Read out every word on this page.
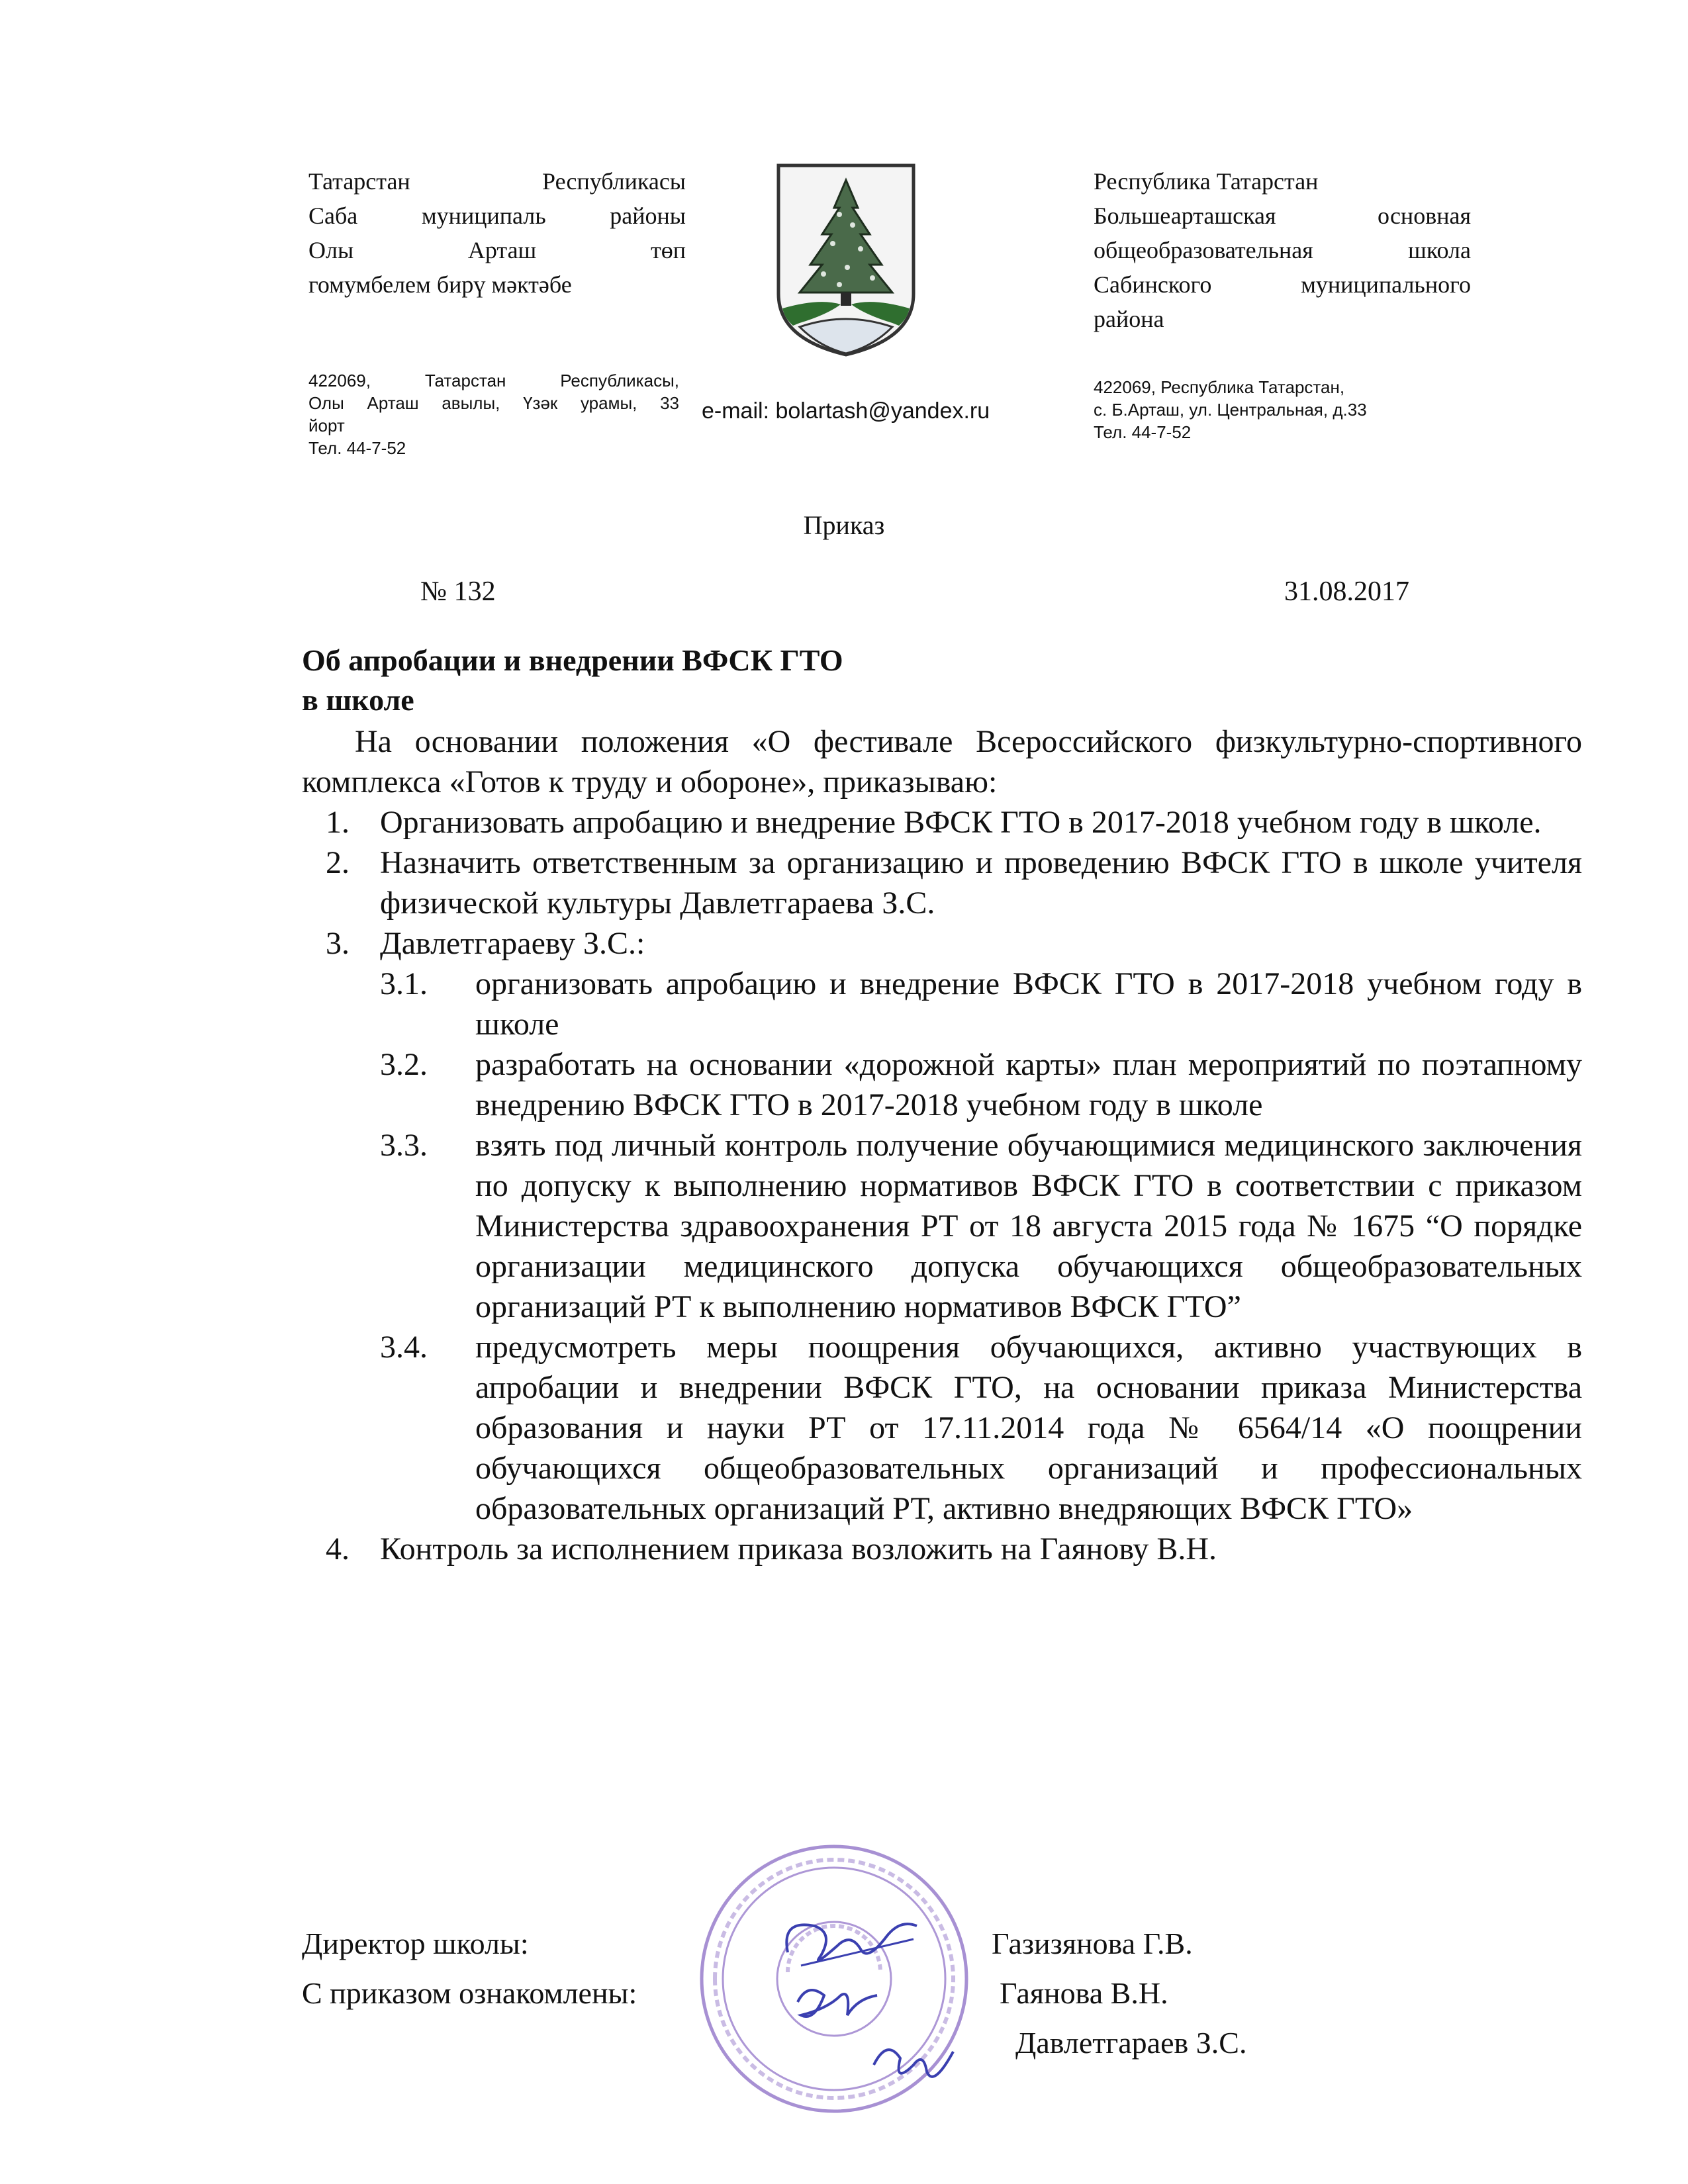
Татарстан Республикасы
Саба муниципаль районы
Олы Арташ төп
гомумбелем бирү мәктәбе
422069, Татарстан Республикасы,
Олы Арташ авылы, Үзәк урамы, 33
йорт
Тел. 44-7-52
e-mail: bolartash@yandex.ru
Республика Татарстан
Большеарташская основная
общеобразовательная школа
Сабинского муниципального
района
422069, Республика Татарстан,
с. Б.Арташ, ул. Центральная, д.33
Тел. 44-7-52
Приказ
№ 132	31.08.2017
Об апробации и внедрении ВФСК ГТО
в школе

На основании положения «О фестивале Всероссийского физкультурно-спортивного комплекса «Готов к труду и обороне», приказываю:

1. Организовать апробацию и внедрение ВФСК ГТО в 2017-2018 учебном году в школе.
2. Назначить ответственным за организацию и проведению ВФСК ГТО в школе учителя физической культуры Давлетгараева З.С.
3. Давлетгараеву З.С.:
3.1. организовать апробацию и внедрение ВФСК ГТО в 2017-2018 учебном году в школе
3.2. разработать на основании «дорожной карты» план мероприятий по поэтапному внедрению ВФСК ГТО в 2017-2018 учебном году в школе
3.3. взять под личный контроль получение обучающимися медицинского заключения по допуску к выполнению нормативов ВФСК ГТО в соответствии с приказом Министерства здравоохранения РТ от 18 августа 2015 года № 1675 “О порядке организации медицинского допуска обучающихся общеобразовательных организаций РТ к выполнению нормативов ВФСК ГТО”
3.4. предусмотреть меры поощрения обучающихся, активно участвующих в апробации и внедрении ВФСК ГТО, на основании приказа Министерства образования и науки РТ от 17.11.2014 года № 6564/14 «О поощрении обучающихся общеобразовательных организаций и профессиональных образовательных организаций РТ, активно внедряющих ВФСК ГТО»
4. Контроль за исполнением приказа возложить на Гаянову В.Н.
Директор школы:	Газизянова Г.В.
С приказом ознакомлены:	Гаянова В.Н.
Давлетгараев З.С.
